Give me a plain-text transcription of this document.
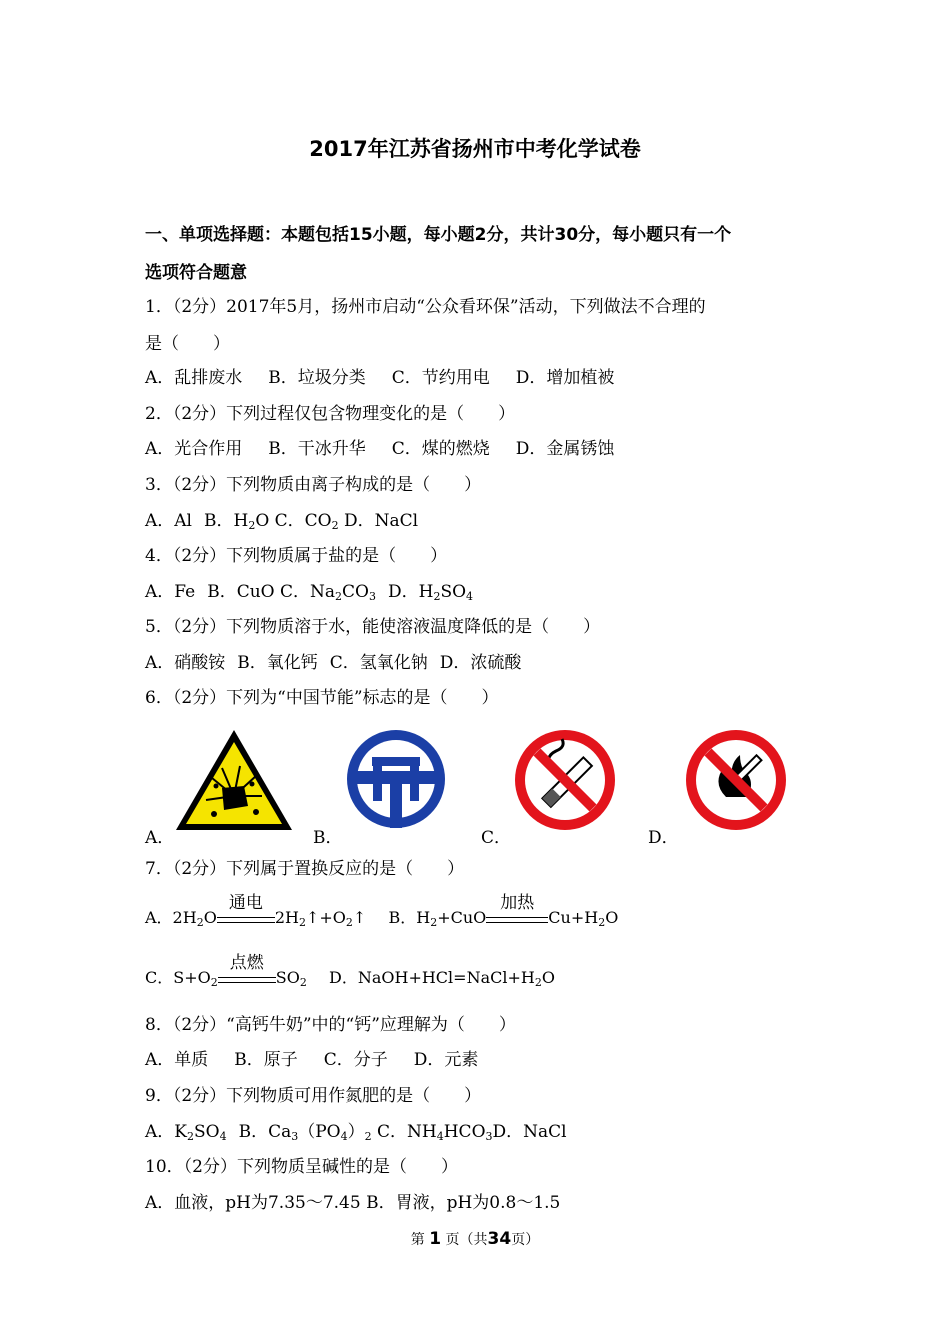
2017年江苏省扬州市中考化学试卷
一、单项选择题：本题包括15小题，每小题2分，共计30分，每小题只有一个
选项符合题意
1．（2分）2017年5月，扬州市启动“公众看环保”活动，下列做法不合理的
是（　　）
A．乱排废水 B．垃圾分类 C．节约用电 D．增加植被
2．（2分）下列过程仅包含物理变化的是（　　）
A．光合作用 B．干冰升华 C．煤的燃烧 D．金属锈蚀
3．（2分）下列物质由离子构成的是（　　）
A．Al B．$H_2O$ C．$CO_2$ D．NaCl
4．（2分）下列物质属于盐的是（　　）
A．Fe B．CuO C．$Na_2CO_3$ D．$H_2SO_4$
5．（2分）下列物质溶于水，能使溶液温度降低的是（　　）
A．硝酸铵 B．氧化钙 C．氢氧化钠 D．浓硫酸
6．（2分）下列为“中国节能”标志的是（　　）
A．	B．	C．	D．
7．（2分）下列属于置换反应的是（　　）
A．$2H_2O$
通电
$2H_2↑+O_2↑$ B．$H_2+CuO$
加热
$Cu+H_2O$
C．$S+O_2$
点燃
$SO_2$ D．$NaOH+HCl=NaCl+H_2O$
8．（2分）“高钙牛奶”中的“钙”应理解为（　　）
A．单质 B．原子 C．分子 D．元素
9．（2分）下列物质可用作氮肥的是（　　）
A．$K_2SO_4$ B．$Ca_3(PO_4)_2$ C．$NH_4HCO_3D$．NaCl
10．（2分）下列物质呈碱性的是（　　）
A．血液，pH为7.35～7.45 B．胃液，pH为0.8～1.5
第 1 页（共34页）
